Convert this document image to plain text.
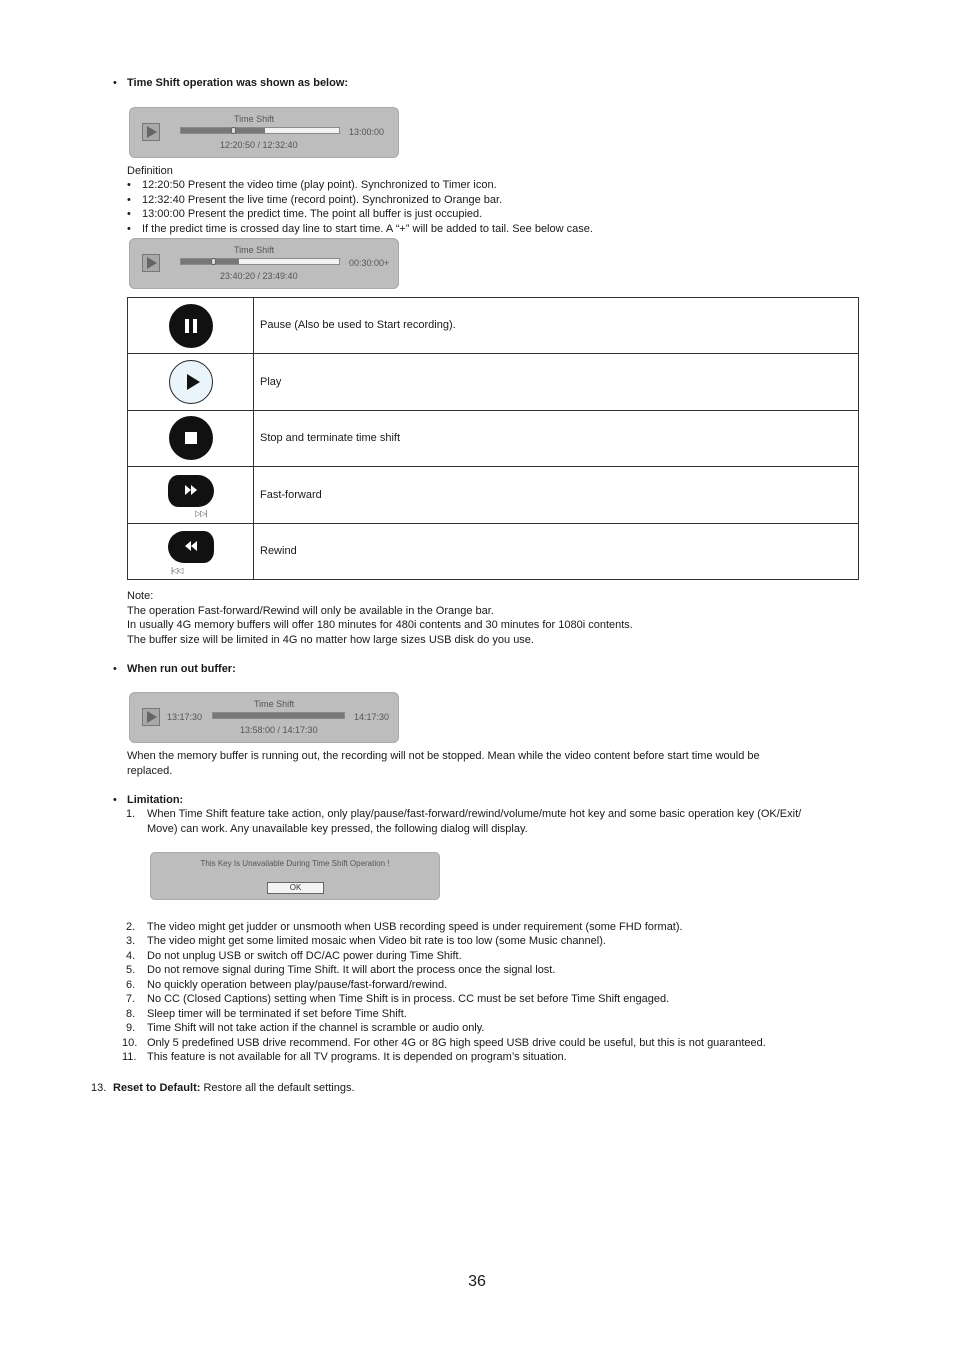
• Time Shift operation was shown as below:
Time Shift
13:00:00
12:20:50 / 12:32:40
Definition
• 12:20:50 Present the video time (play point). Synchronized to Timer icon.
• 12:32:40 Present the live time (record point). Synchronized to Orange bar.
• 13:00:00 Present the predict time. The point all buffer is just occupied.
• If the predict time is crossed day line to start time. A “+” will be added to tail. See below case.
Time Shift
00:30:00+
23:40:20 / 23:49:40
	Pause (Also be used to Start recording).

	Play

	Stop and terminate time shift

▷▷|	Fast-forward

|◁◁	Rewind
Note:
The operation Fast-forward/Rewind will only be available in the Orange bar.
In usually 4G memory buffers will offer 180 minutes for 480i contents and 30 minutes for 1080i contents.
The buffer size will be limited in 4G no matter how large sizes USB disk do you use.
• When run out buffer:
Time Shift
13:17:30	14:17:30
13:58:00 / 14:17:30
When the memory buffer is running out, the recording will not be stopped. Mean while the video content before start time would be
replaced.
• Limitation:
1. When Time Shift feature take action, only play/pause/fast-forward/rewind/volume/mute hot key and some basic operation key (OK/Exit/
Move) can work. Any unavailable key pressed, the following dialog will display.
This Key Is Unavailable During Time Shift Operation !
OK
2. The video might get judder or unsmooth when USB recording speed is under requirement (some FHD format).
3. The video might get some limited mosaic when Video bit rate is too low (some Music channel).
4. Do not unplug USB or switch off DC/AC power during Time Shift.
5. Do not remove signal during Time Shift. It will abort the process once the signal lost.
6. No quickly operation between play/pause/fast-forward/rewind.
7. No CC (Closed Captions) setting when Time Shift is in process. CC must be set before Time Shift engaged.
8. Sleep timer will be terminated if set before Time Shift.
9. Time Shift will not take action if the channel is scramble or audio only.
10. Only 5 predefined USB drive recommend. For other 4G or 8G high speed USB drive could be useful, but this is not guaranteed.
11. This feature is not available for all TV programs. It is depended on program’s situation.
13. Reset to Default: Restore all the default settings.
36
